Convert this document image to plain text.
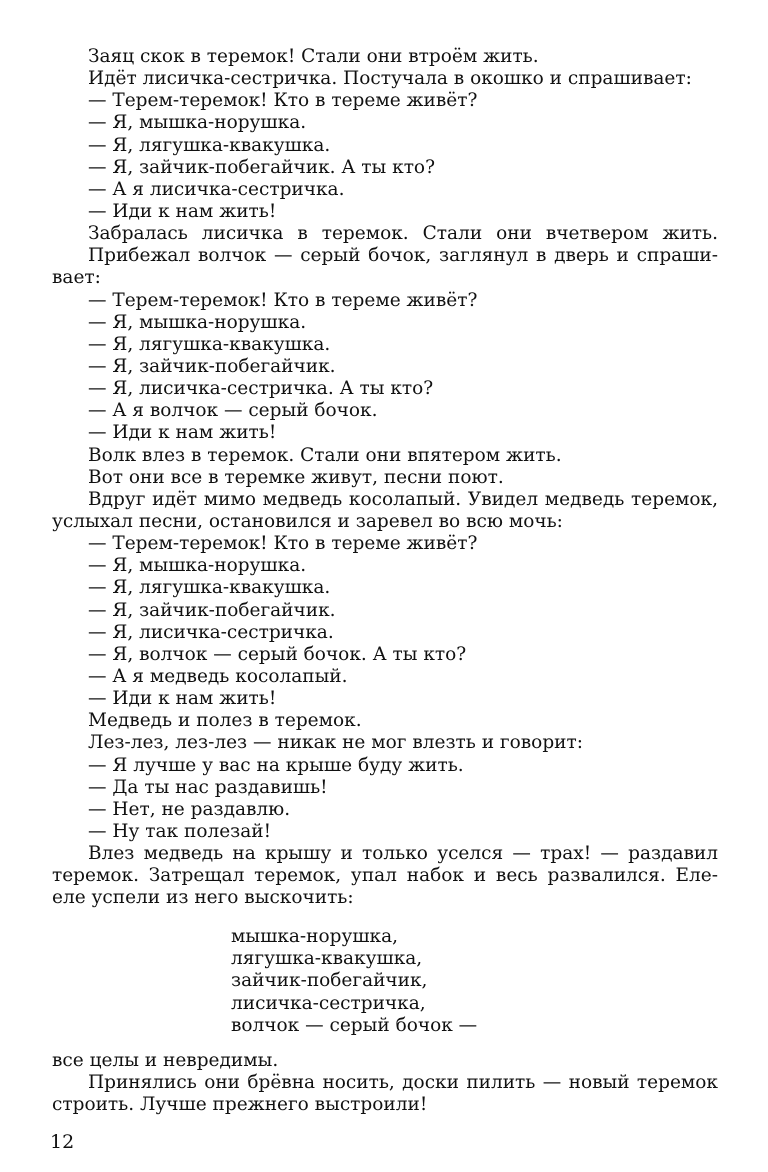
Заяц скок в теремок! Стали они втроём жить.
Идёт лисичка-сестричка. Постучала в окошко и спрашивает:
— Терем-теремок! Кто в тереме живёт?
— Я, мышка-норушка.
— Я, лягушка-квакушка.
— Я, зайчик-побегайчик. А ты кто?
— А я лисичка-сестричка.
— Иди к нам жить!
Забралась лисичка в теремок. Стали они вчетвером жить.
Прибежал волчок — серый бочок, заглянул в дверь и спраши-
вает:
— Терем-теремок! Кто в тереме живёт?
— Я, мышка-норушка.
— Я, лягушка-квакушка.
— Я, зайчик-побегайчик.
— Я, лисичка-сестричка. А ты кто?
— А я волчок — серый бочок.
— Иди к нам жить!
Волк влез в теремок. Стали они впятером жить.
Вот они все в теремке живут, песни поют.
Вдруг идёт мимо медведь косолапый. Увидел медведь теремок,
услыхал песни, остановился и заревел во всю мочь:
— Терем-теремок! Кто в тереме живёт?
— Я, мышка-норушка.
— Я, лягушка-квакушка.
— Я, зайчик-побегайчик.
— Я, лисичка-сестричка.
— Я, волчок — серый бочок. А ты кто?
— А я медведь косолапый.
— Иди к нам жить!
Медведь и полез в теремок.
Лез-лез, лез-лез — никак не мог влезть и говорит:
— Я лучше у вас на крыше буду жить.
— Да ты нас раздавишь!
— Нет, не раздавлю.
— Ну так полезай!
Влез медведь на крышу и только уселся — трах! — раздавил
теремок. Затрещал теремок, упал набок и весь развалился. Еле-
еле успели из него выскочить:
мышка-норушка,
лягушка-квакушка,
зайчик-побегайчик,
лисичка-сестричка,
волчок — серый бочок —
все целы и невредимы.
Принялись они брёвна носить, доски пилить — новый теремок
строить. Лучше прежнего выстроили!
12
